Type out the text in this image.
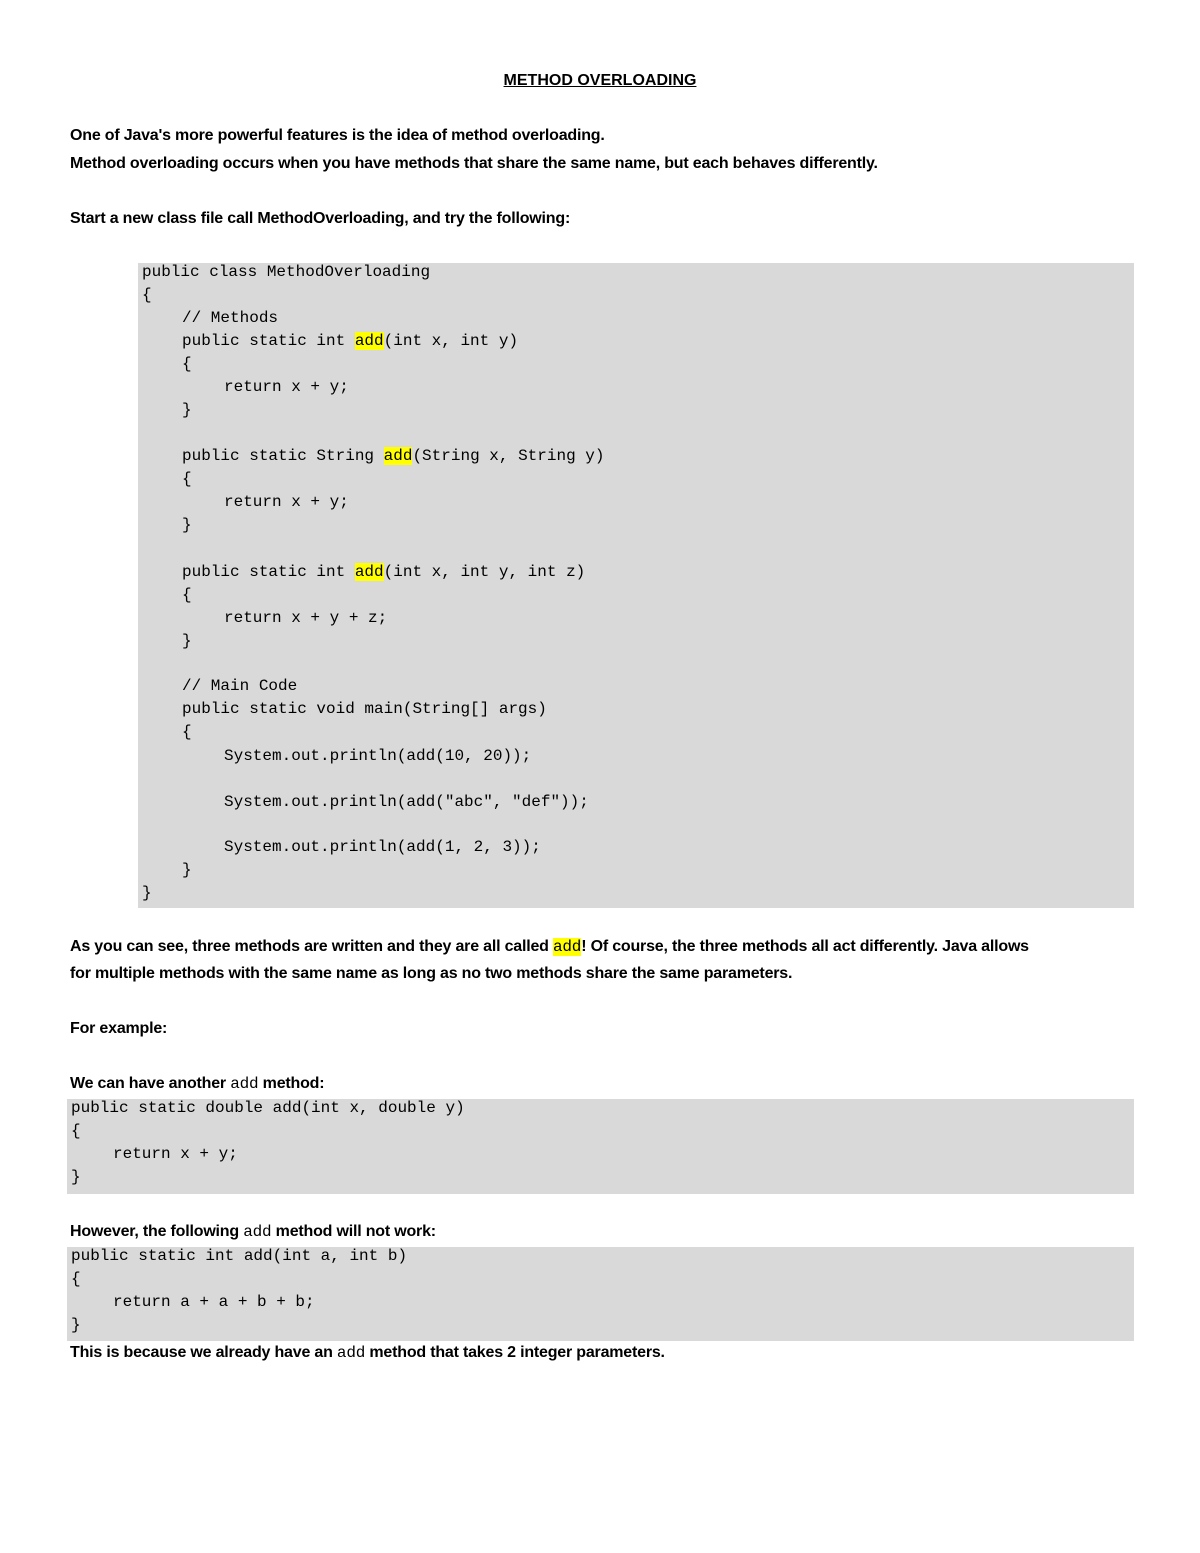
METHOD OVERLOADING
One of Java's more powerful features is the idea of method overloading.
Method overloading occurs when you have methods that share the same name, but each behaves differently.
Start a new class file call MethodOverloading, and try the following:
public class MethodOverloading
{
// Methods
public static int add(int x, int y)
{
return x + y;
}
public static String add(String x, String y)
{
return x + y;
}
public static int add(int x, int y, int z)
{
return x + y + z;
}
// Main Code
public static void main(String[] args)
{
System.out.println(add(10, 20));
System.out.println(add("abc", "def"));
System.out.println(add(1, 2, 3));
}
}
As you can see, three methods are written and they are all called add! Of course, the three methods all act differently. Java allows
for multiple methods with the same name as long as no two methods share the same parameters.
For example:
We can have another add method:
public static double add(int x, double y)
{
return x + y;
}
However, the following add method will not work:
public static int add(int a, int b)
{
return a + a + b + b;
}
This is because we already have an add method that takes 2 integer parameters.
